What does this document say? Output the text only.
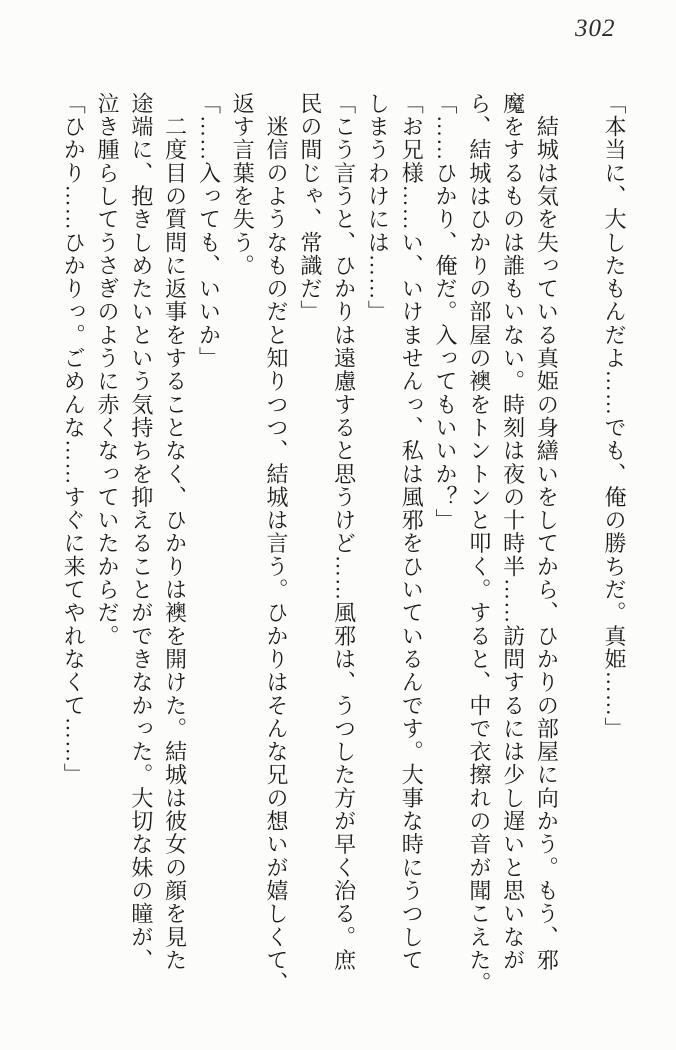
302

「本当に、大したもんだよ……でも、俺の勝ちだ。真姫……」

　結城は気を失っている真姫の身繕いをしてから、ひかりの部屋に向かう。もう、邪

魔をするものは誰もいない。時刻は夜の十時半……訪問するには少し遅いと思いなが

ら、結城はひかりの部屋の襖をトントンと叩く。すると、中で衣擦れの音が聞こえた。

「……ひかり、俺だ。入ってもいいか？」

「お兄様……い、いけませんっ、私は風邪をひいているんです。大事な時にうつして

しまうわけには……」

「こう言うと、ひかりは遠慮すると思うけど……風邪は、うつした方が早く治る。庶

民の間じゃ、常識だ」

　迷信のようなものだと知りつつ、結城は言う。ひかりはそんな兄の想いが嬉しくて、

返す言葉を失う。

「……入っても、いいか」

　二度目の質問に返事をすることなく、ひかりは襖を開けた。結城は彼女の顔を見た

途端に、抱きしめたいという気持ちを抑えることができなかった。大切な妹の瞳が、

泣き腫らしてうさぎのように赤くなっていたからだ。

「ひかり……ひかりっ。ごめんな……すぐに来てやれなくて……」
